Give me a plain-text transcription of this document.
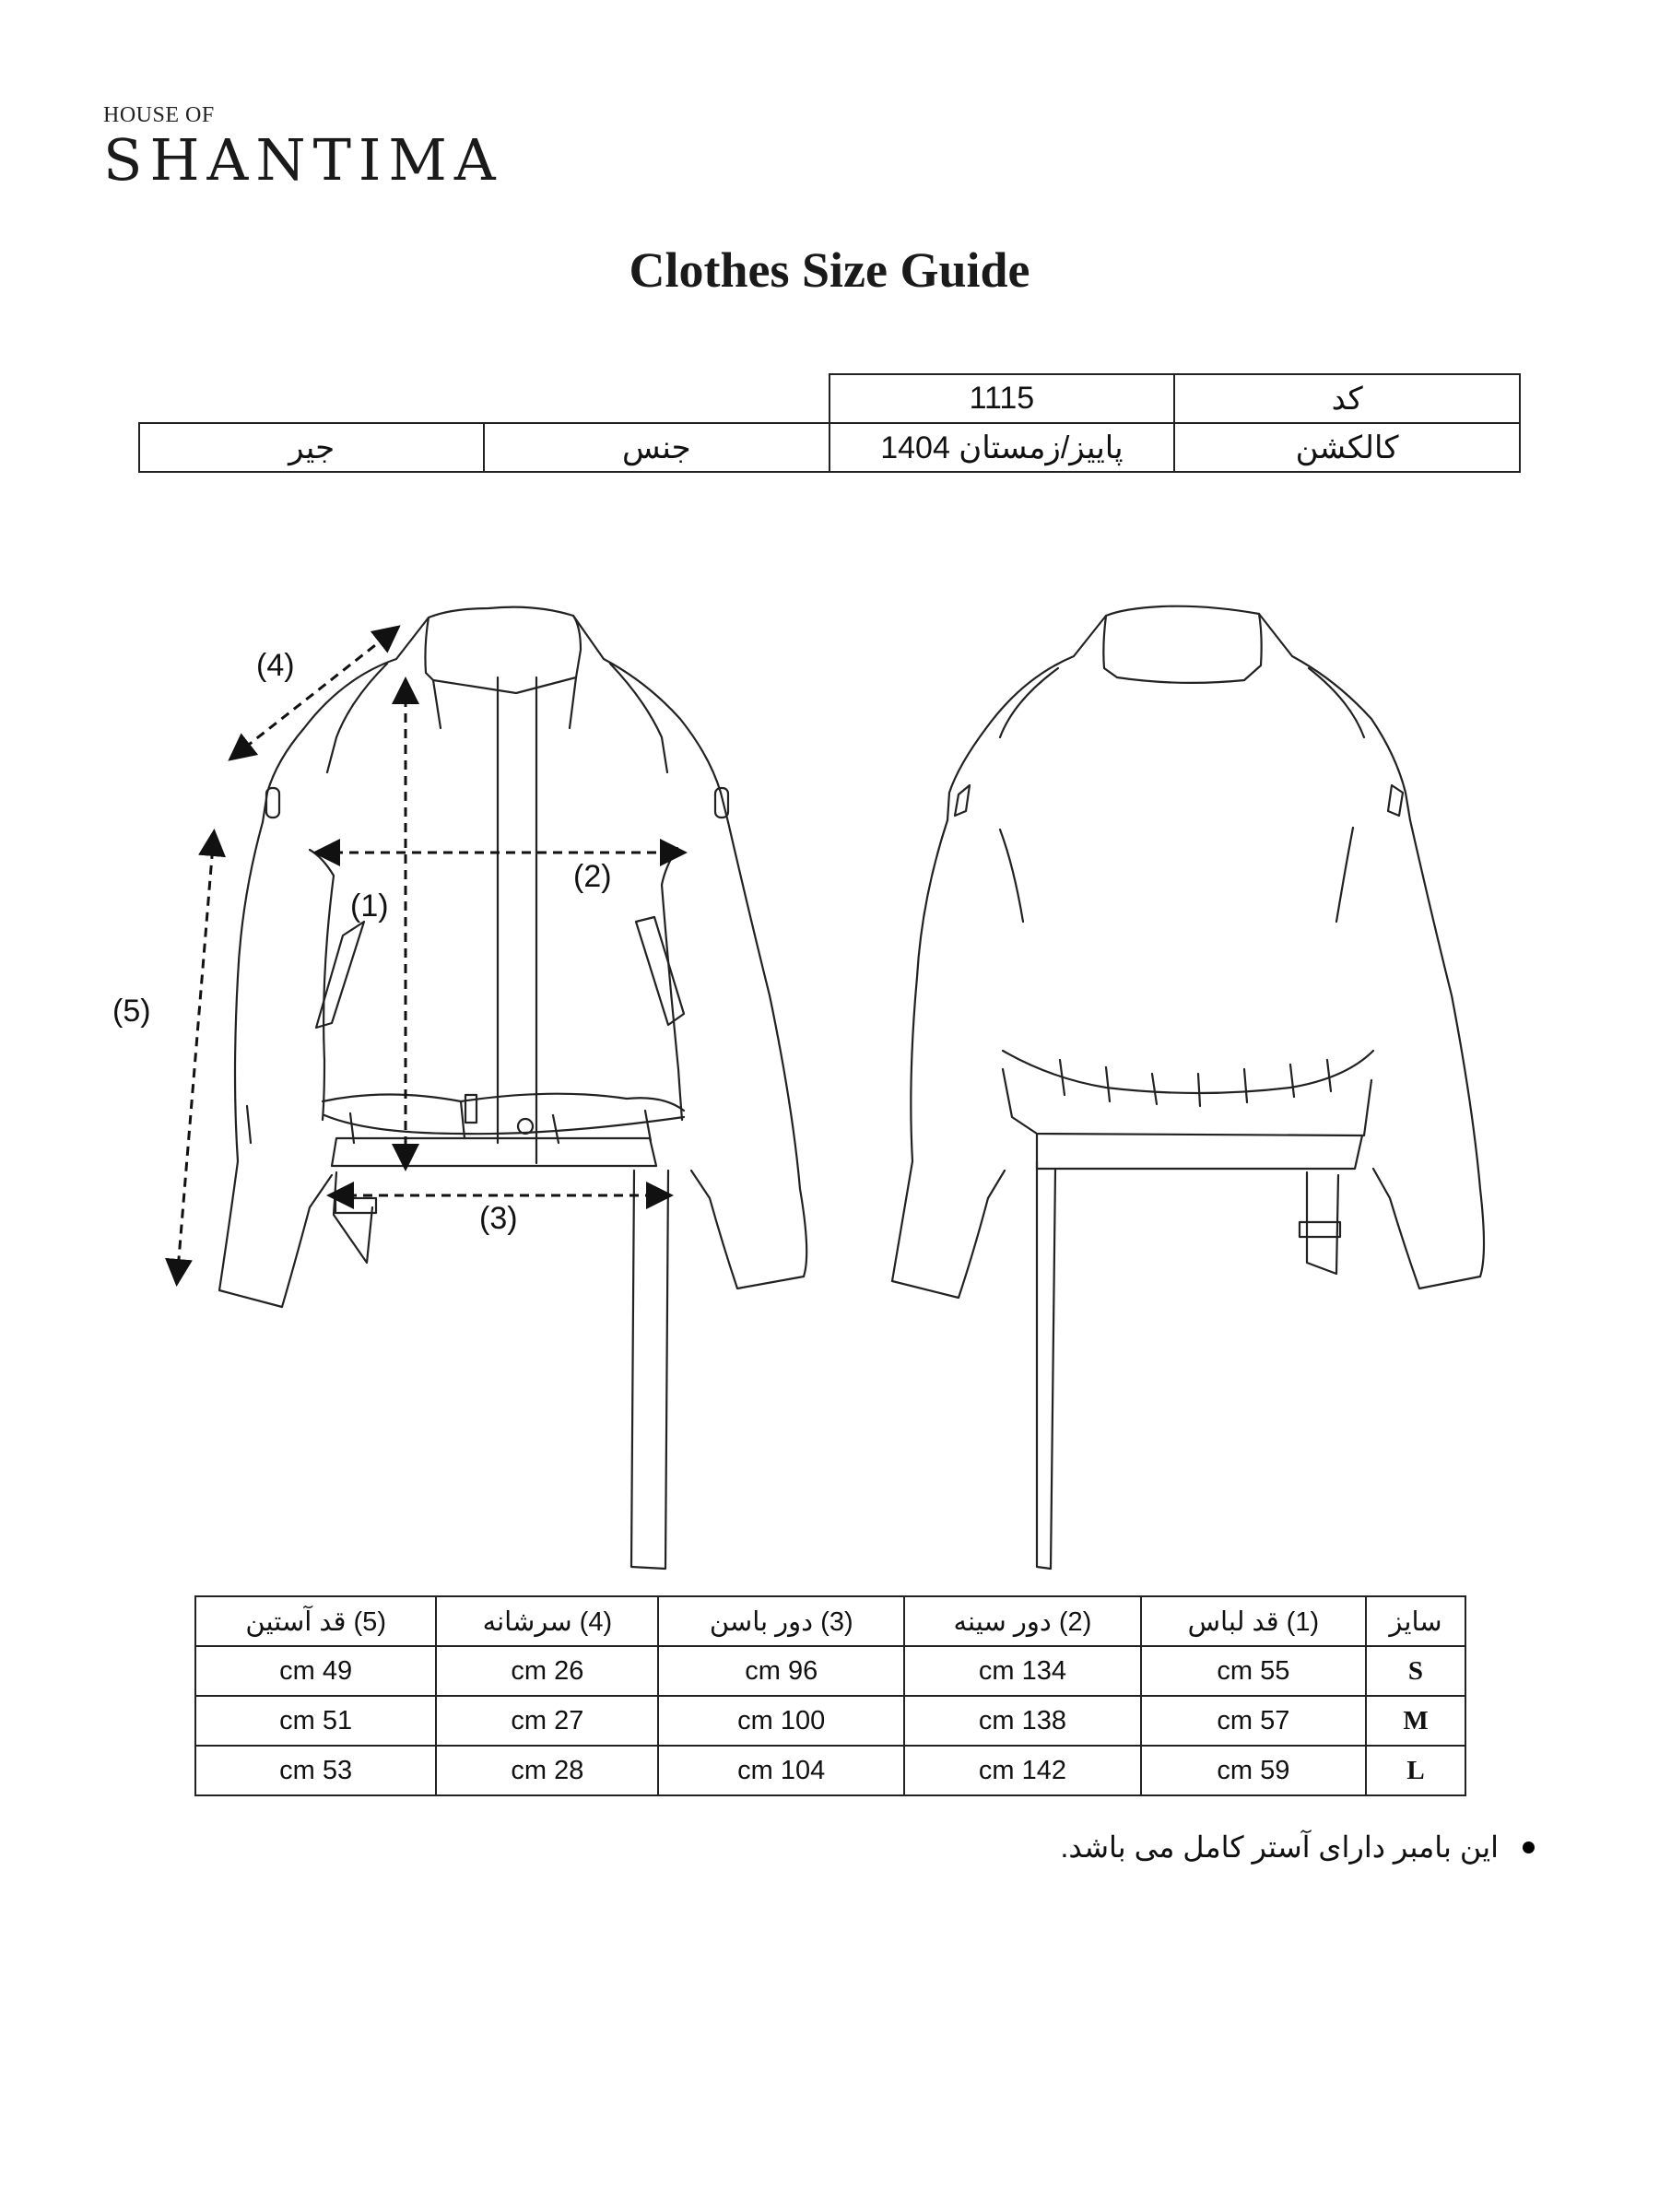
HOUSE OF
SHANTIMA
Clothes Size Guide
		1115	کد
جیر	جنس	پاییز/زمستان 1404	کالکشن
(1)
(2)
(3)
(4)
(5)
سایز	(1) قد لباس	(2) دور سینه	(3) دور باسن	(4) سرشانه	(5) قد آستین
S	55 cm	134 cm	96 cm	26 cm	49 cm
M	57 cm	138 cm	100 cm	27 cm	51 cm
L	59 cm	142 cm	104 cm	28 cm	53 cm
این بامبر دارای آستر کامل می باشد.
